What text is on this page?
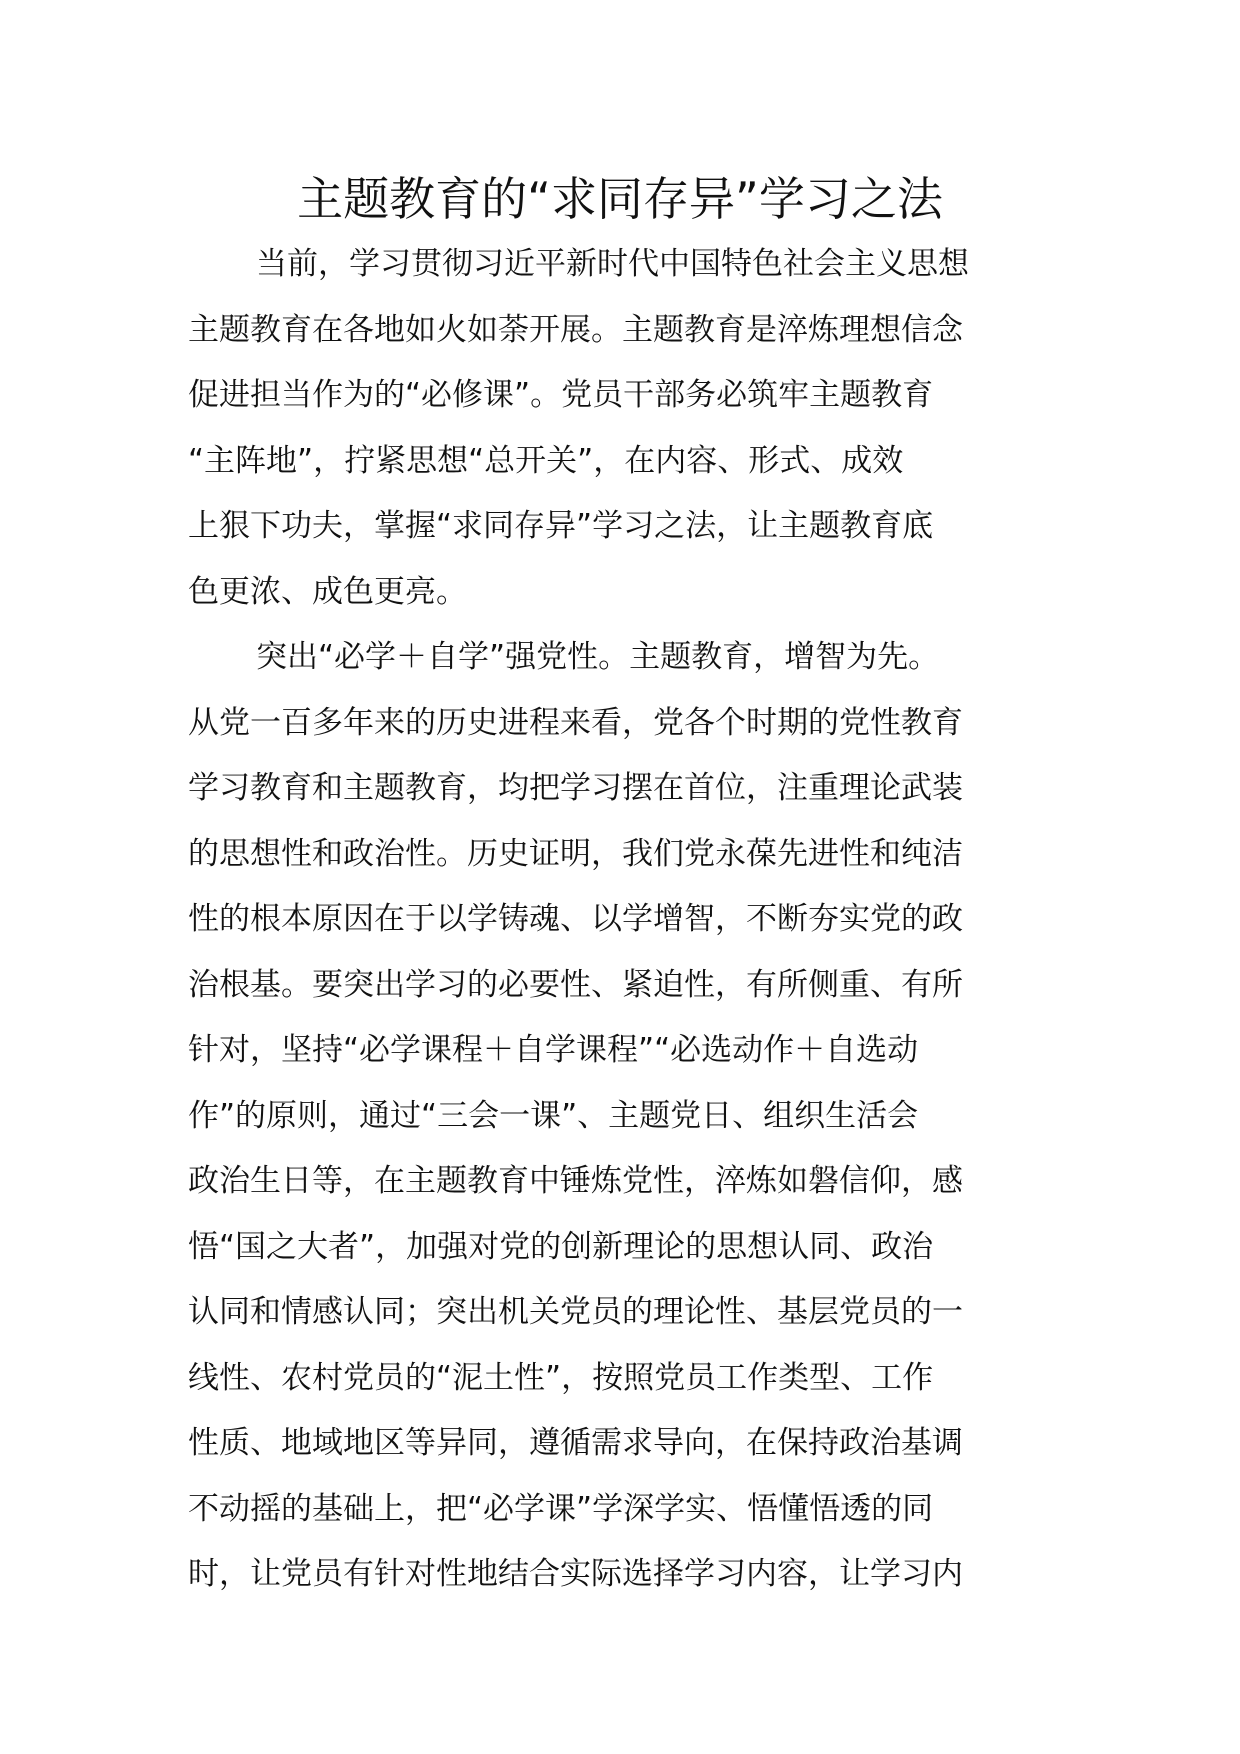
主题教育的“求同存异”学习之法
当前，学习贯彻习近平新时代中国特色社会主义思想
主题教育在各地如火如荼开展。主题教育是淬炼理想信念
促进担当作为的“必修课”。党员干部务必筑牢主题教育
“主阵地”，拧紧思想“总开关”，在内容、形式、成效
上狠下功夫，掌握“求同存异”学习之法，让主题教育底
色更浓、成色更亮。
突出“必学＋自学”强党性。主题教育，增智为先。
从党一百多年来的历史进程来看，党各个时期的党性教育
学习教育和主题教育，均把学习摆在首位，注重理论武装
的思想性和政治性。历史证明，我们党永葆先进性和纯洁
性的根本原因在于以学铸魂、以学增智，不断夯实党的政
治根基。要突出学习的必要性、紧迫性，有所侧重、有所
针对，坚持“必学课程＋自学课程”“必选动作＋自选动
作”的原则，通过“三会一课”、主题党日、组织生活会
政治生日等，在主题教育中锤炼党性，淬炼如磐信仰，感
悟“国之大者”，加强对党的创新理论的思想认同、政治
认同和情感认同；突出机关党员的理论性、基层党员的一
线性、农村党员的“泥土性”，按照党员工作类型、工作
性质、地域地区等异同，遵循需求导向，在保持政治基调
不动摇的基础上，把“必学课”学深学实、悟懂悟透的同
时，让党员有针对性地结合实际选择学习内容，让学习内
